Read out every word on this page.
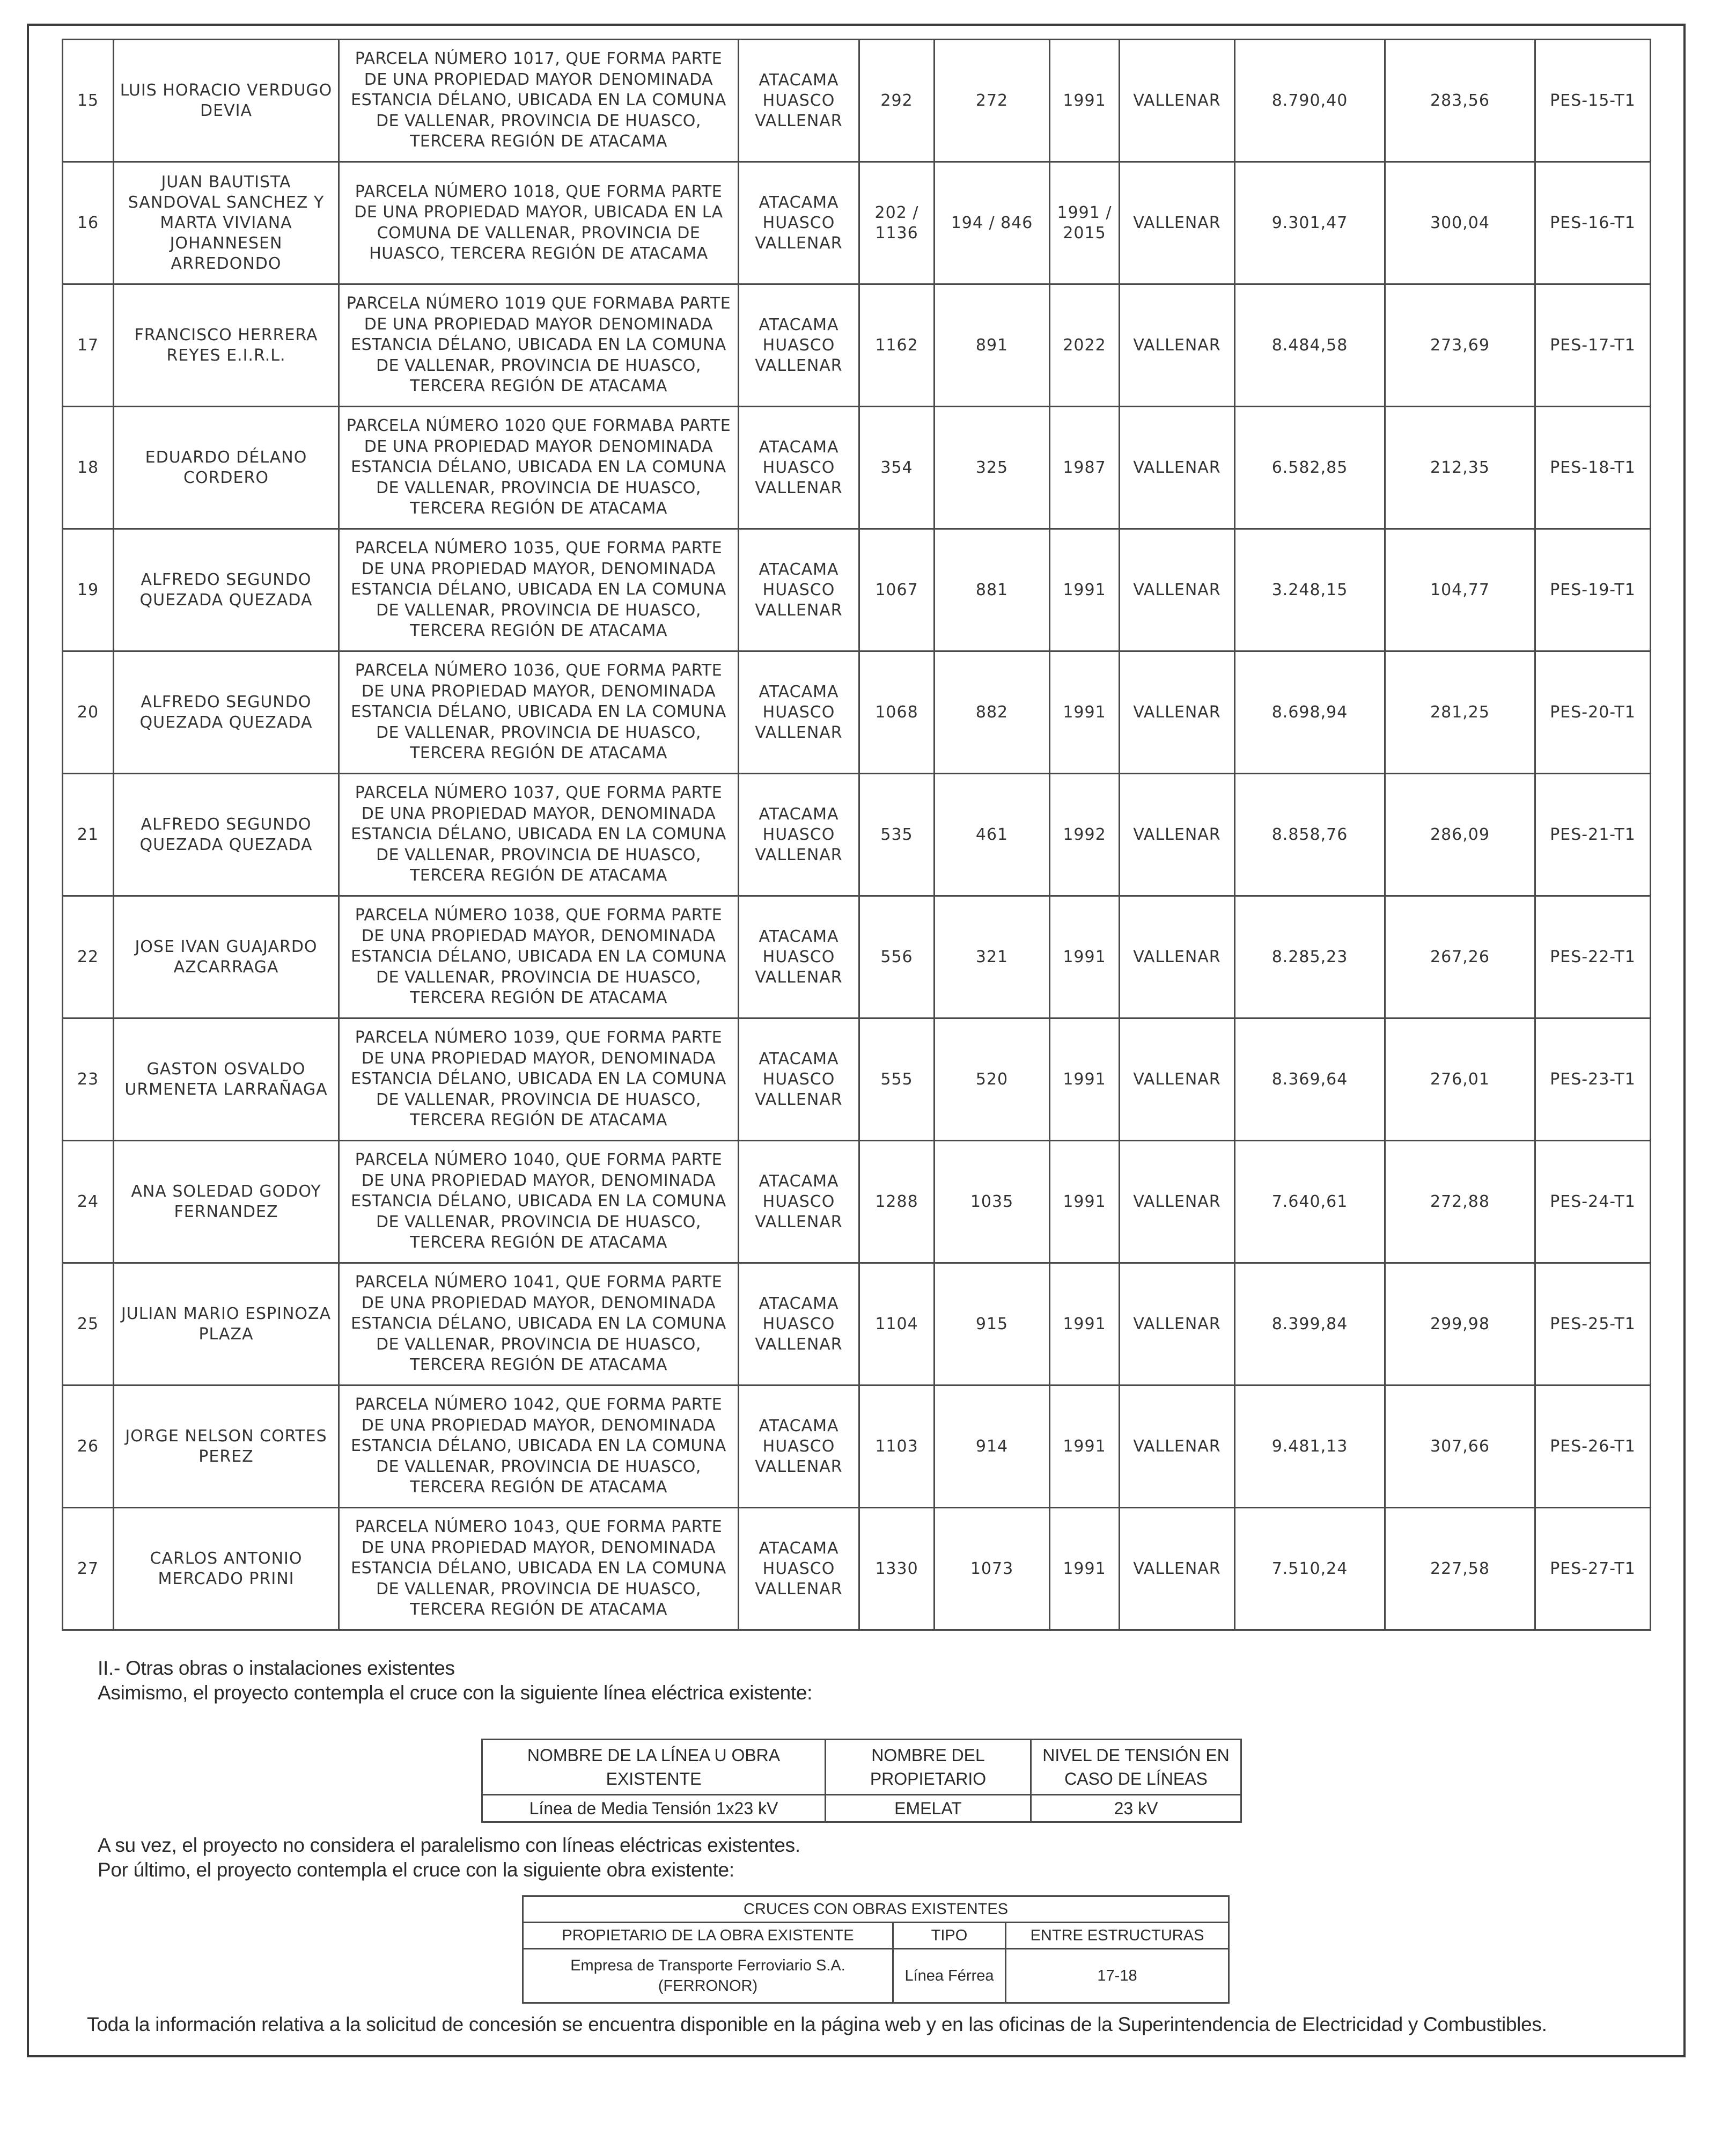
15	LUIS HORACIO VERDUGO DEVIA	PARCELA NÚMERO 1017, QUE FORMA PARTE DE UNA PROPIEDAD MAYOR DENOMINADA ESTANCIA DÉLANO, UBICADA EN LA COMUNA DE VALLENAR, PROVINCIA DE HUASCO, TERCERA REGIÓN DE ATACAMA	ATACAMA HUASCO VALLENAR	292	272	1991	VALLENAR	8.790,40	283,56	PES-15-T1
16	JUAN BAUTISTA SANDOVAL SANCHEZ Y MARTA VIVIANA JOHANNESEN ARREDONDO	PARCELA NÚMERO 1018, QUE FORMA PARTE DE UNA PROPIEDAD MAYOR, UBICADA EN LA COMUNA DE VALLENAR, PROVINCIA DE HUASCO, TERCERA REGIÓN DE ATACAMA	ATACAMA HUASCO VALLENAR	202 / 1136	194 / 846	1991 / 2015	VALLENAR	9.301,47	300,04	PES-16-T1
17	FRANCISCO HERRERA REYES E.I.R.L.	PARCELA NÚMERO 1019 QUE FORMABA PARTE DE UNA PROPIEDAD MAYOR DENOMINADA ESTANCIA DÉLANO, UBICADA EN LA COMUNA DE VALLENAR, PROVINCIA DE HUASCO, TERCERA REGIÓN DE ATACAMA	ATACAMA HUASCO VALLENAR	1162	891	2022	VALLENAR	8.484,58	273,69	PES-17-T1
18	EDUARDO DÉLANO CORDERO	PARCELA NÚMERO 1020 QUE FORMABA PARTE DE UNA PROPIEDAD MAYOR DENOMINADA ESTANCIA DÉLANO, UBICADA EN LA COMUNA DE VALLENAR, PROVINCIA DE HUASCO, TERCERA REGIÓN DE ATACAMA	ATACAMA HUASCO VALLENAR	354	325	1987	VALLENAR	6.582,85	212,35	PES-18-T1
19	ALFREDO SEGUNDO QUEZADA QUEZADA	PARCELA NÚMERO 1035, QUE FORMA PARTE DE UNA PROPIEDAD MAYOR, DENOMINADA ESTANCIA DÉLANO, UBICADA EN LA COMUNA DE VALLENAR, PROVINCIA DE HUASCO, TERCERA REGIÓN DE ATACAMA	ATACAMA HUASCO VALLENAR	1067	881	1991	VALLENAR	3.248,15	104,77	PES-19-T1
20	ALFREDO SEGUNDO QUEZADA QUEZADA	PARCELA NÚMERO 1036, QUE FORMA PARTE DE UNA PROPIEDAD MAYOR, DENOMINADA ESTANCIA DÉLANO, UBICADA EN LA COMUNA DE VALLENAR, PROVINCIA DE HUASCO, TERCERA REGIÓN DE ATACAMA	ATACAMA HUASCO VALLENAR	1068	882	1991	VALLENAR	8.698,94	281,25	PES-20-T1
21	ALFREDO SEGUNDO QUEZADA QUEZADA	PARCELA NÚMERO 1037, QUE FORMA PARTE DE UNA PROPIEDAD MAYOR, DENOMINADA ESTANCIA DÉLANO, UBICADA EN LA COMUNA DE VALLENAR, PROVINCIA DE HUASCO, TERCERA REGIÓN DE ATACAMA	ATACAMA HUASCO VALLENAR	535	461	1992	VALLENAR	8.858,76	286,09	PES-21-T1
22	JOSE IVAN GUAJARDO AZCARRAGA	PARCELA NÚMERO 1038, QUE FORMA PARTE DE UNA PROPIEDAD MAYOR, DENOMINADA ESTANCIA DÉLANO, UBICADA EN LA COMUNA DE VALLENAR, PROVINCIA DE HUASCO, TERCERA REGIÓN DE ATACAMA	ATACAMA HUASCO VALLENAR	556	321	1991	VALLENAR	8.285,23	267,26	PES-22-T1
23	GASTON OSVALDO URMENETA LARRAÑAGA	PARCELA NÚMERO 1039, QUE FORMA PARTE DE UNA PROPIEDAD MAYOR, DENOMINADA ESTANCIA DÉLANO, UBICADA EN LA COMUNA DE VALLENAR, PROVINCIA DE HUASCO, TERCERA REGIÓN DE ATACAMA	ATACAMA HUASCO VALLENAR	555	520	1991	VALLENAR	8.369,64	276,01	PES-23-T1
24	ANA SOLEDAD GODOY FERNANDEZ	PARCELA NÚMERO 1040, QUE FORMA PARTE DE UNA PROPIEDAD MAYOR, DENOMINADA ESTANCIA DÉLANO, UBICADA EN LA COMUNA DE VALLENAR, PROVINCIA DE HUASCO, TERCERA REGIÓN DE ATACAMA	ATACAMA HUASCO VALLENAR	1288	1035	1991	VALLENAR	7.640,61	272,88	PES-24-T1
25	JULIAN MARIO ESPINOZA PLAZA	PARCELA NÚMERO 1041, QUE FORMA PARTE DE UNA PROPIEDAD MAYOR, DENOMINADA ESTANCIA DÉLANO, UBICADA EN LA COMUNA DE VALLENAR, PROVINCIA DE HUASCO, TERCERA REGIÓN DE ATACAMA	ATACAMA HUASCO VALLENAR	1104	915	1991	VALLENAR	8.399,84	299,98	PES-25-T1
26	JORGE NELSON CORTES PEREZ	PARCELA NÚMERO 1042, QUE FORMA PARTE DE UNA PROPIEDAD MAYOR, DENOMINADA ESTANCIA DÉLANO, UBICADA EN LA COMUNA DE VALLENAR, PROVINCIA DE HUASCO, TERCERA REGIÓN DE ATACAMA	ATACAMA HUASCO VALLENAR	1103	914	1991	VALLENAR	9.481,13	307,66	PES-26-T1
27	CARLOS ANTONIO MERCADO PRINI	PARCELA NÚMERO 1043, QUE FORMA PARTE DE UNA PROPIEDAD MAYOR, DENOMINADA ESTANCIA DÉLANO, UBICADA EN LA COMUNA DE VALLENAR, PROVINCIA DE HUASCO, TERCERA REGIÓN DE ATACAMA	ATACAMA HUASCO VALLENAR	1330	1073	1991	VALLENAR	7.510,24	227,58	PES-27-T1
II.- Otras obras o instalaciones existentes
Asimismo, el proyecto contempla el cruce con la siguiente línea eléctrica existente:
NOMBRE DE LA LÍNEA U OBRA EXISTENTE	NOMBRE DEL PROPIETARIO	NIVEL DE TENSIÓN EN CASO DE LÍNEAS
Línea de Media Tensión 1x23 kV	EMELAT	23 kV
A su vez, el proyecto no considera el paralelismo con líneas eléctricas existentes.
Por último, el proyecto contempla el cruce con la siguiente obra existente:
CRUCES CON OBRAS EXISTENTES		
PROPIETARIO DE LA OBRA EXISTENTE	TIPO	ENTRE ESTRUCTURAS
Empresa de Transporte Ferroviario S.A. (FERRONOR)	Línea Férrea	17-18
Toda la información relativa a la solicitud de concesión se encuentra disponible en la página web y en las oficinas de la Superintendencia de Electricidad y Combustibles.
